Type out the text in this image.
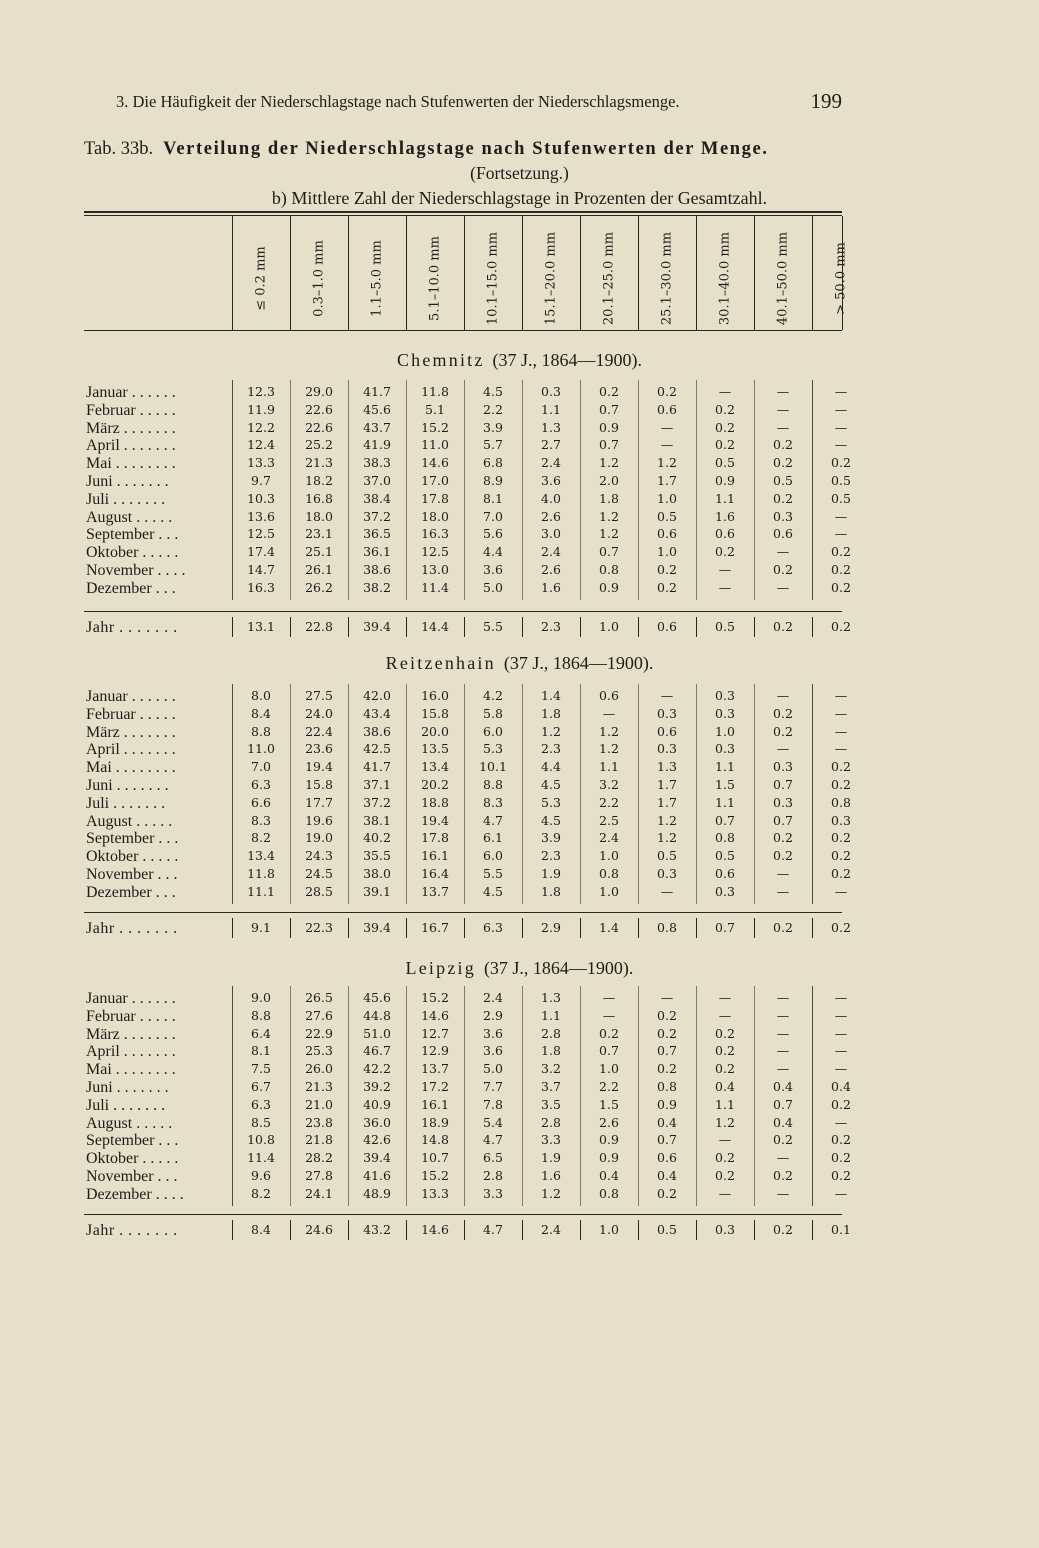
3. Die Häufigkeit der Niederschlagstage nach Stufenwerten der Niederschlagsmenge.	199
Tab. 33b. Verteilung der Niederschlagstage nach Stufenwerten der Menge.
(Fortsetzung.)
b) Mittlere Zahl der Niederschlagstage in Prozenten der Gesamtzahl.
≤ 0.2 mm	0.3–1.0 mm	1.1–5.0 mm	5.1–10.0 mm	10.1–15.0 mm	15.1–20.0 mm	20.1–25.0 mm	25.1–30.0 mm	30.1–40.0 mm	40.1–50.0 mm	> 50.0 mm
Chemnitz (37 J., 1864—1900).
Januar . . . . . .	12.3	29.0	41.7	11.8	4.5	0.3	0.2	0.2	—	—	—
Februar . . . . .	11.9	22.6	45.6	5.1	2.2	1.1	0.7	0.6	0.2	—	—
März . . . . . . .	12.2	22.6	43.7	15.2	3.9	1.3	0.9	—	0.2	—	—
April . . . . . . .	12.4	25.2	41.9	11.0	5.7	2.7	0.7	—	0.2	0.2	—
Mai . . . . . . . .	13.3	21.3	38.3	14.6	6.8	2.4	1.2	1.2	0.5	0.2	0.2
Juni . . . . . . .	9.7	18.2	37.0	17.0	8.9	3.6	2.0	1.7	0.9	0.5	0.5
Juli . . . . . . .	10.3	16.8	38.4	17.8	8.1	4.0	1.8	1.0	1.1	0.2	0.5
August . . . . .	13.6	18.0	37.2	18.0	7.0	2.6	1.2	0.5	1.6	0.3	—
September . . .	12.5	23.1	36.5	16.3	5.6	3.0	1.2	0.6	0.6	0.6	—
Oktober . . . . .	17.4	25.1	36.1	12.5	4.4	2.4	0.7	1.0	0.2	—	0.2
November . . . .	14.7	26.1	38.6	13.0	3.6	2.6	0.8	0.2	—	0.2	0.2
Dezember . . .	16.3	26.2	38.2	11.4	5.0	1.6	0.9	0.2	—	—	0.2
Jahr . . . . . . .	13.1	22.8	39.4	14.4	5.5	2.3	1.0	0.6	0.5	0.2	0.2
Reitzenhain (37 J., 1864—1900).
Januar . . . . . .	8.0	27.5	42.0	16.0	4.2	1.4	0.6	—	0.3	—	—
Februar . . . . .	8.4	24.0	43.4	15.8	5.8	1.8	—	0.3	0.3	0.2	—
März . . . . . . .	8.8	22.4	38.6	20.0	6.0	1.2	1.2	0.6	1.0	0.2	—
April . . . . . . .	11.0	23.6	42.5	13.5	5.3	2.3	1.2	0.3	0.3	—	—
Mai . . . . . . . .	7.0	19.4	41.7	13.4	10.1	4.4	1.1	1.3	1.1	0.3	0.2
Juni . . . . . . .	6.3	15.8	37.1	20.2	8.8	4.5	3.2	1.7	1.5	0.7	0.2
Juli . . . . . . .	6.6	17.7	37.2	18.8	8.3	5.3	2.2	1.7	1.1	0.3	0.8
August . . . . .	8.3	19.6	38.1	19.4	4.7	4.5	2.5	1.2	0.7	0.7	0.3
September . . .	8.2	19.0	40.2	17.8	6.1	3.9	2.4	1.2	0.8	0.2	0.2
Oktober . . . . .	13.4	24.3	35.5	16.1	6.0	2.3	1.0	0.5	0.5	0.2	0.2
November . . .	11.8	24.5	38.0	16.4	5.5	1.9	0.8	0.3	0.6	—	0.2
Dezember . . .	11.1	28.5	39.1	13.7	4.5	1.8	1.0	—	0.3	—	—
Jahr . . . . . . .	9.1	22.3	39.4	16.7	6.3	2.9	1.4	0.8	0.7	0.2	0.2
Leipzig (37 J., 1864—1900).
Januar . . . . . .	9.0	26.5	45.6	15.2	2.4	1.3	—	—	—	—	—
Februar . . . . .	8.8	27.6	44.8	14.6	2.9	1.1	—	0.2	—	—	—
März . . . . . . .	6.4	22.9	51.0	12.7	3.6	2.8	0.2	0.2	0.2	—	—
April . . . . . . .	8.1	25.3	46.7	12.9	3.6	1.8	0.7	0.7	0.2	—	—
Mai . . . . . . . .	7.5	26.0	42.2	13.7	5.0	3.2	1.0	0.2	0.2	—	—
Juni . . . . . . .	6.7	21.3	39.2	17.2	7.7	3.7	2.2	0.8	0.4	0.4	0.4
Juli . . . . . . .	6.3	21.0	40.9	16.1	7.8	3.5	1.5	0.9	1.1	0.7	0.2
August . . . . .	8.5	23.8	36.0	18.9	5.4	2.8	2.6	0.4	1.2	0.4	—
September . . .	10.8	21.8	42.6	14.8	4.7	3.3	0.9	0.7	—	0.2	0.2
Oktober . . . . .	11.4	28.2	39.4	10.7	6.5	1.9	0.9	0.6	0.2	—	0.2
November . . .	9.6	27.8	41.6	15.2	2.8	1.6	0.4	0.4	0.2	0.2	0.2
Dezember . . . .	8.2	24.1	48.9	13.3	3.3	1.2	0.8	0.2	—	—	—
Jahr . . . . . . .	8.4	24.6	43.2	14.6	4.7	2.4	1.0	0.5	0.3	0.2	0.1
